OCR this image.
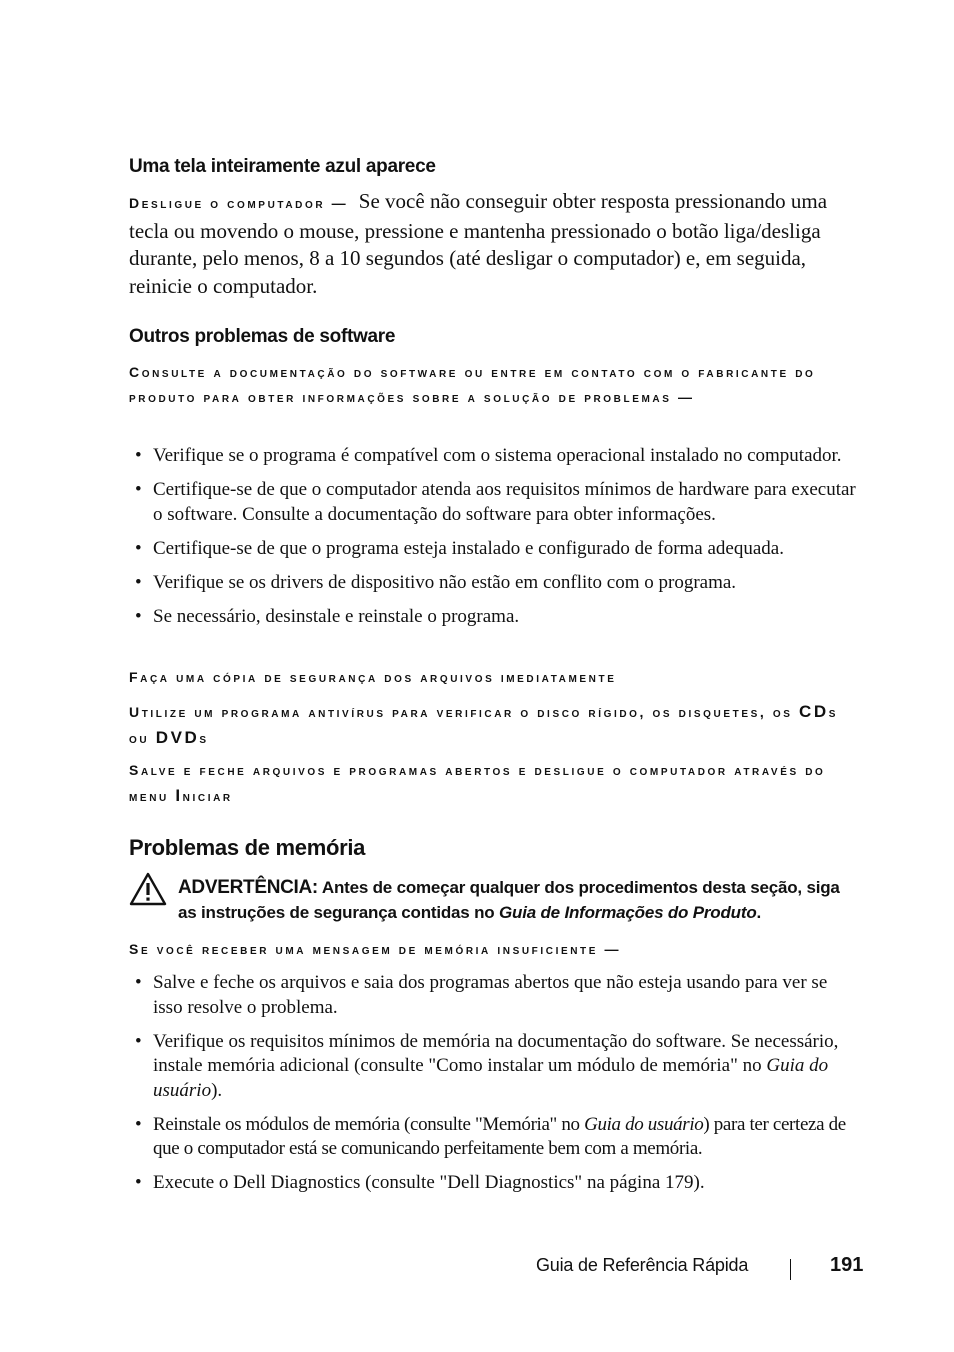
Uma tela inteiramente azul aparece
Desligue o computador — Se você não conseguir obter resposta pressionando uma tecla ou movendo o mouse, pressione e mantenha pressionado o botão liga/desliga durante, pelo menos, 8 a 10 segundos (até desligar o computador) e, em seguida, reinicie o computador.
Outros problemas de software
Consulte a documentação do software ou entre em contato com o fabricante do produto para obter informações sobre a solução de problemas —
• Verifique se o programa é compatível com o sistema operacional instalado no computador.
• Certifique-se de que o computador atenda aos requisitos mínimos de hardware para executar o software. Consulte a documentação do software para obter informações.
• Certifique-se de que o programa esteja instalado e configurado de forma adequada.
• Verifique se os drivers de dispositivo não estão em conflito com o programa.
• Se necessário, desinstale e reinstale o programa.
Faça uma cópia de segurança dos arquivos imediatamente
Utilize um programa antivírus para verificar o disco rígido, os disquetes, os CDs ou DVDs
Salve e feche arquivos e programas abertos e desligue o computador através do menu Iniciar
Problemas de memória
ADVERTÊNCIA: Antes de começar qualquer dos procedimentos desta seção, siga as instruções de segurança contidas no Guia de Informações do Produto.
Se você receber uma mensagem de memória insuficiente —
• Salve e feche os arquivos e saia dos programas abertos que não esteja usando para ver se isso resolve o problema.
• Verifique os requisitos mínimos de memória na documentação do software. Se necessário, instale memória adicional (consulte "Como instalar um módulo de memória" no Guia do usuário).
• Reinstale os módulos de memória (consulte "Memória" no Guia do usuário) para ter certeza de que o computador está se comunicando perfeitamente bem com a memória.
• Execute o Dell Diagnostics (consulte "Dell Diagnostics" na página 179).
Guia de Referência Rápida	191
